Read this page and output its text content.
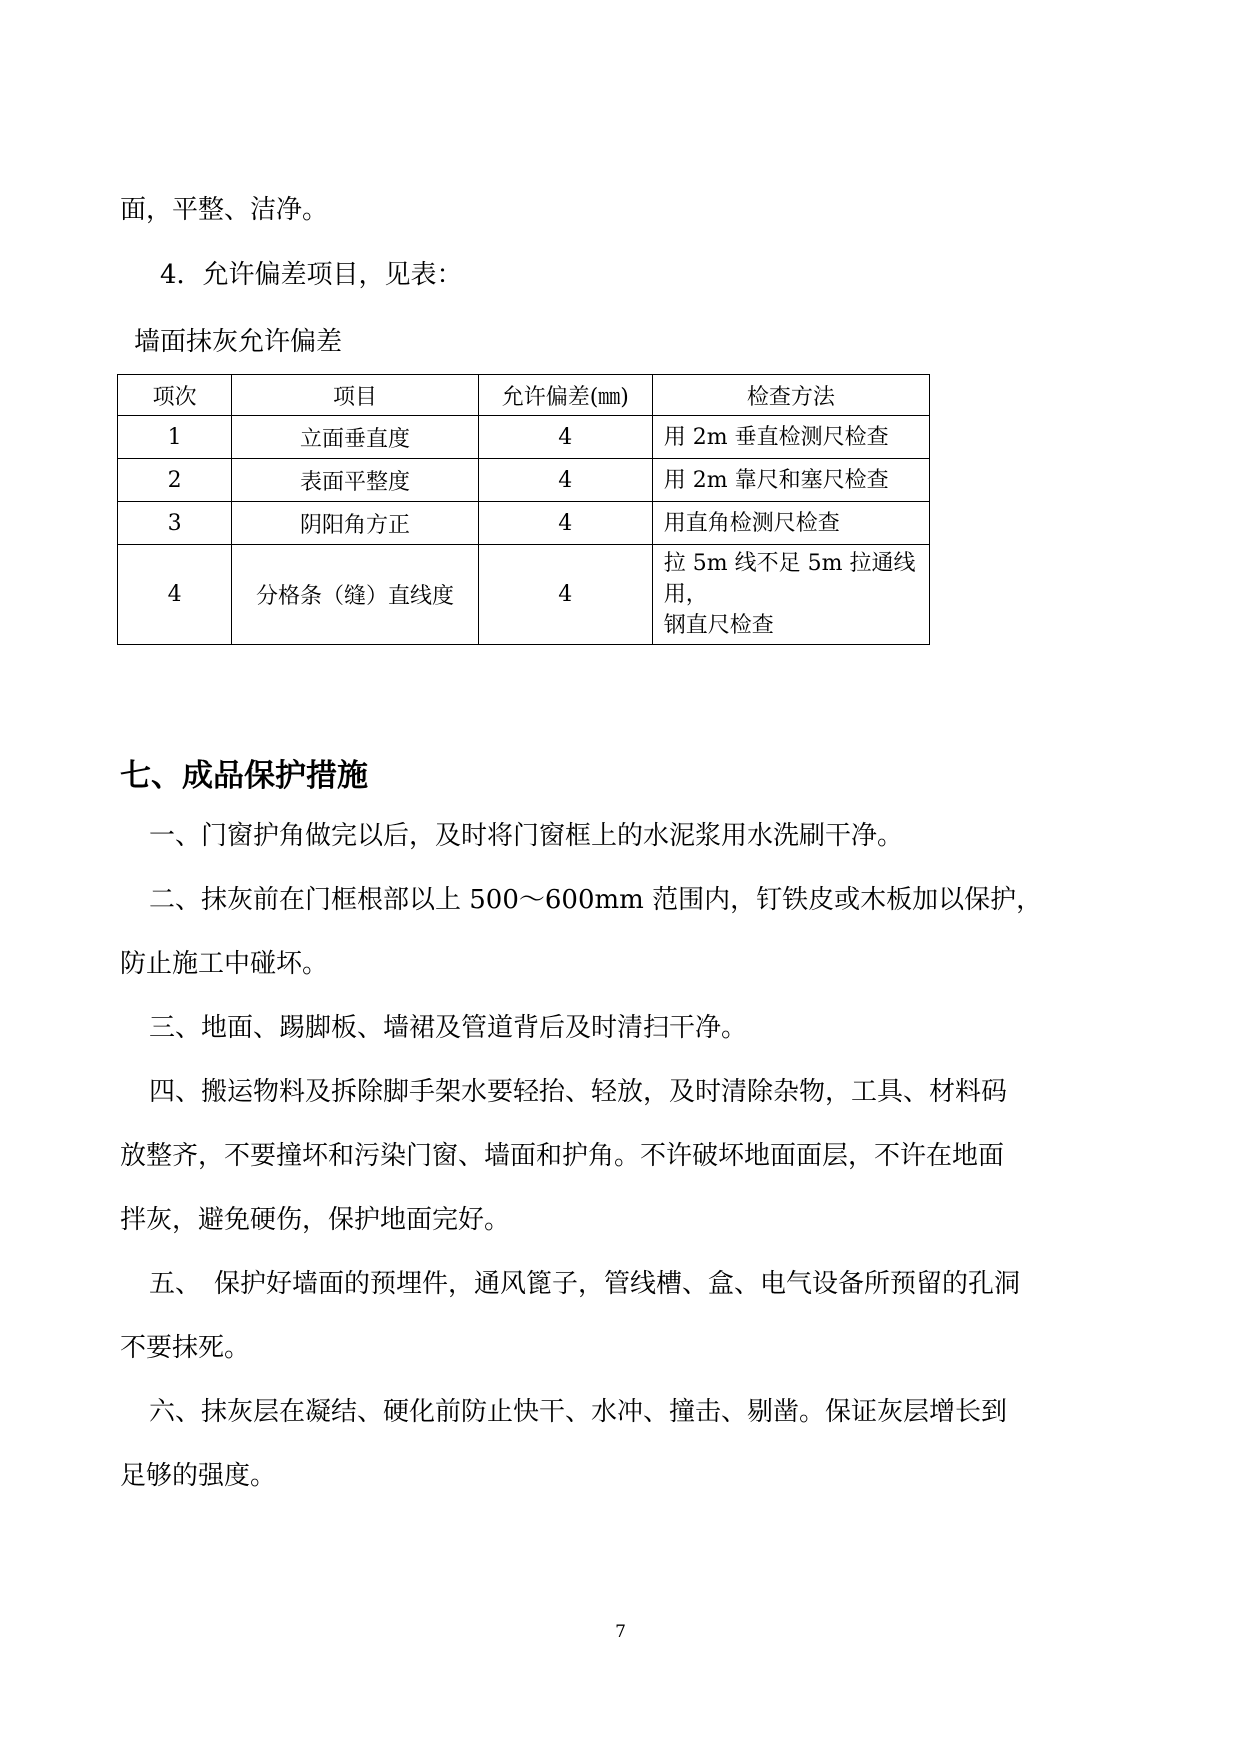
面，平整、洁净。
4．允许偏差项目，见表：
墙面抹灰允许偏差
项次	项目	允许偏差(㎜)	检查方法
1	立面垂直度	4	用 2m 垂直检测尺检查
2	表面平整度	4	用 2m 靠尺和塞尺检查
3	阴阳角方正	4	用直角检测尺检查
4	分格条（缝）直线度	4	拉 5m 线不足 5m 拉通线
用，
钢直尺检查
七、成品保护措施
一、门窗护角做完以后，及时将门窗框上的水泥浆用水洗刷干净。
二、抹灰前在门框根部以上 500～600mm 范围内，钉铁皮或木板加以保护，
防止施工中碰坏。
三、地面、踢脚板、墙裙及管道背后及时清扫干净。
四、搬运物料及拆除脚手架水要轻抬、轻放，及时清除杂物，工具、材料码
放整齐，不要撞坏和污染门窗、墙面和护角。不许破坏地面面层，不许在地面
拌灰，避免硬伤，保护地面完好。
五、　保护好墙面的预埋件，通风篦子，管线槽、盒、电气设备所预留的孔洞
不要抹死。
六、抹灰层在凝结、硬化前防止快干、水冲、撞击、剔凿。保证灰层增长到
足够的强度。
7
